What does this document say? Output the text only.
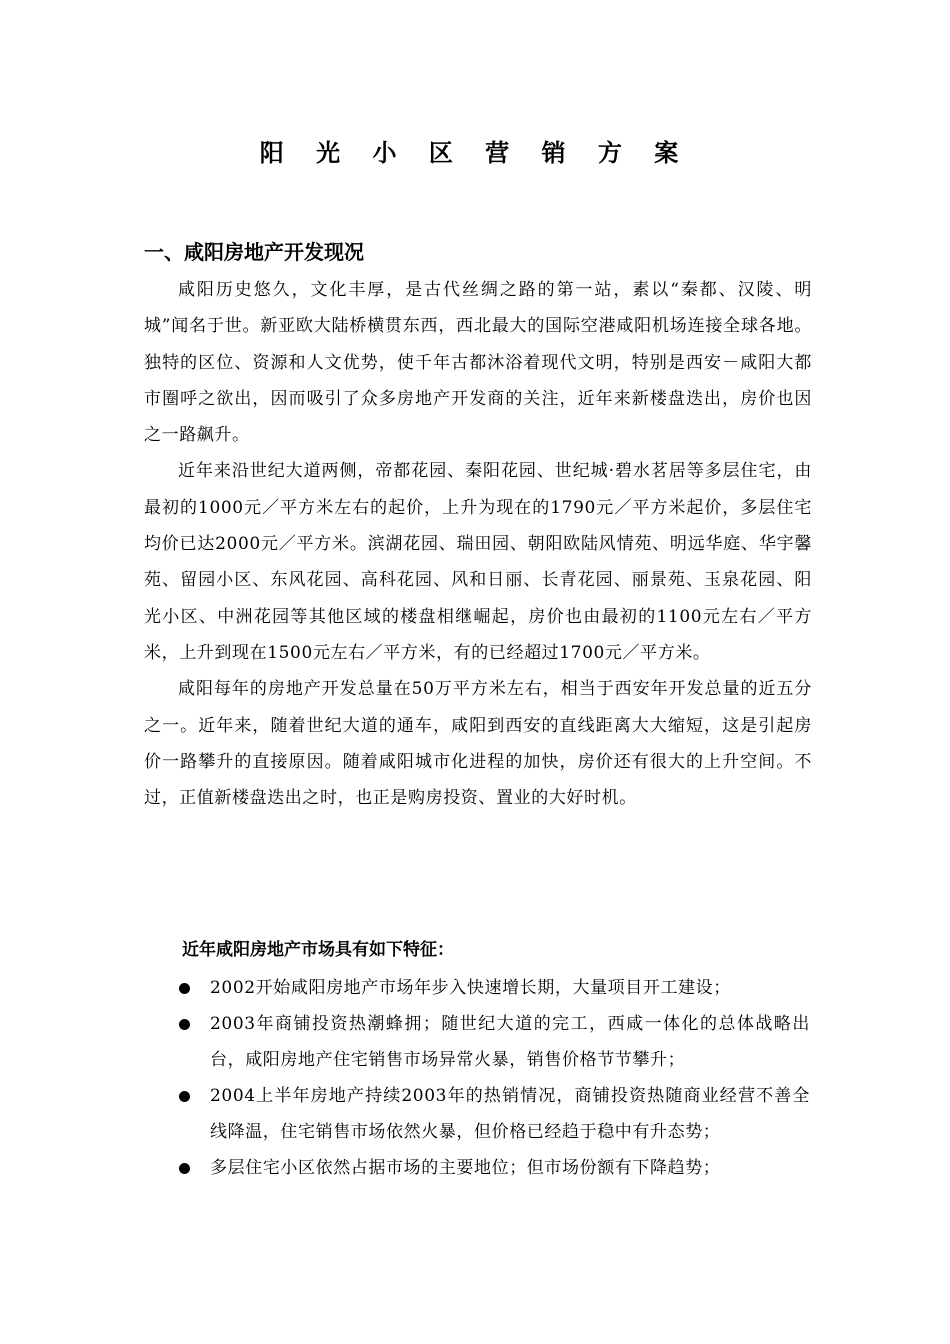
阳 光 小 区 营 销 方 案
一、咸阳房地产开发现况

咸阳历史悠久，文化丰厚，是古代丝绸之路的第一站，素以“秦都、汉陵、明城”闻名于世。新亚欧大陆桥横贯东西，西北最大的国际空港咸阳机场连接全球各地。独特的区位、资源和人文优势，使千年古都沐浴着现代文明，特别是西安－咸阳大都市圈呼之欲出，因而吸引了众多房地产开发商的关注，近年来新楼盘迭出，房价也因之一路飙升。

近年来沿世纪大道两侧，帝都花园、秦阳花园、世纪城·碧水茗居等多层住宅，由最初的1000元／平方米左右的起价，上升为现在的1790元／平方米起价，多层住宅均价已达2000元／平方米。滨湖花园、瑞田园、朝阳欧陆风情苑、明远华庭、华宇馨苑、留园小区、东风花园、高科花园、风和日丽、长青花园、丽景苑、玉泉花园、阳光小区、中洲花园等其他区域的楼盘相继崛起，房价也由最初的1100元左右／平方米，上升到现在1500元左右／平方米，有的已经超过1700元／平方米。

咸阳每年的房地产开发总量在50万平方米左右，相当于西安年开发总量的近五分之一。近年来，随着世纪大道的通车，咸阳到西安的直线距离大大缩短，这是引起房价一路攀升的直接原因。随着咸阳城市化进程的加快，房价还有很大的上升空间。不过，正值新楼盘迭出之时，也正是购房投资、置业的大好时机。

近年咸阳房地产市场具有如下特征：
2002开始咸阳房地产市场年步入快速增长期，大量项目开工建设；
2003年商铺投资热潮蜂拥；随世纪大道的完工，西咸一体化的总体战略出台，咸阳房地产住宅销售市场异常火暴，销售价格节节攀升；
2004上半年房地产持续2003年的热销情况，商铺投资热随商业经营不善全线降温，住宅销售市场依然火暴，但价格已经趋于稳中有升态势；
多层住宅小区依然占据市场的主要地位；但市场份额有下降趋势；
